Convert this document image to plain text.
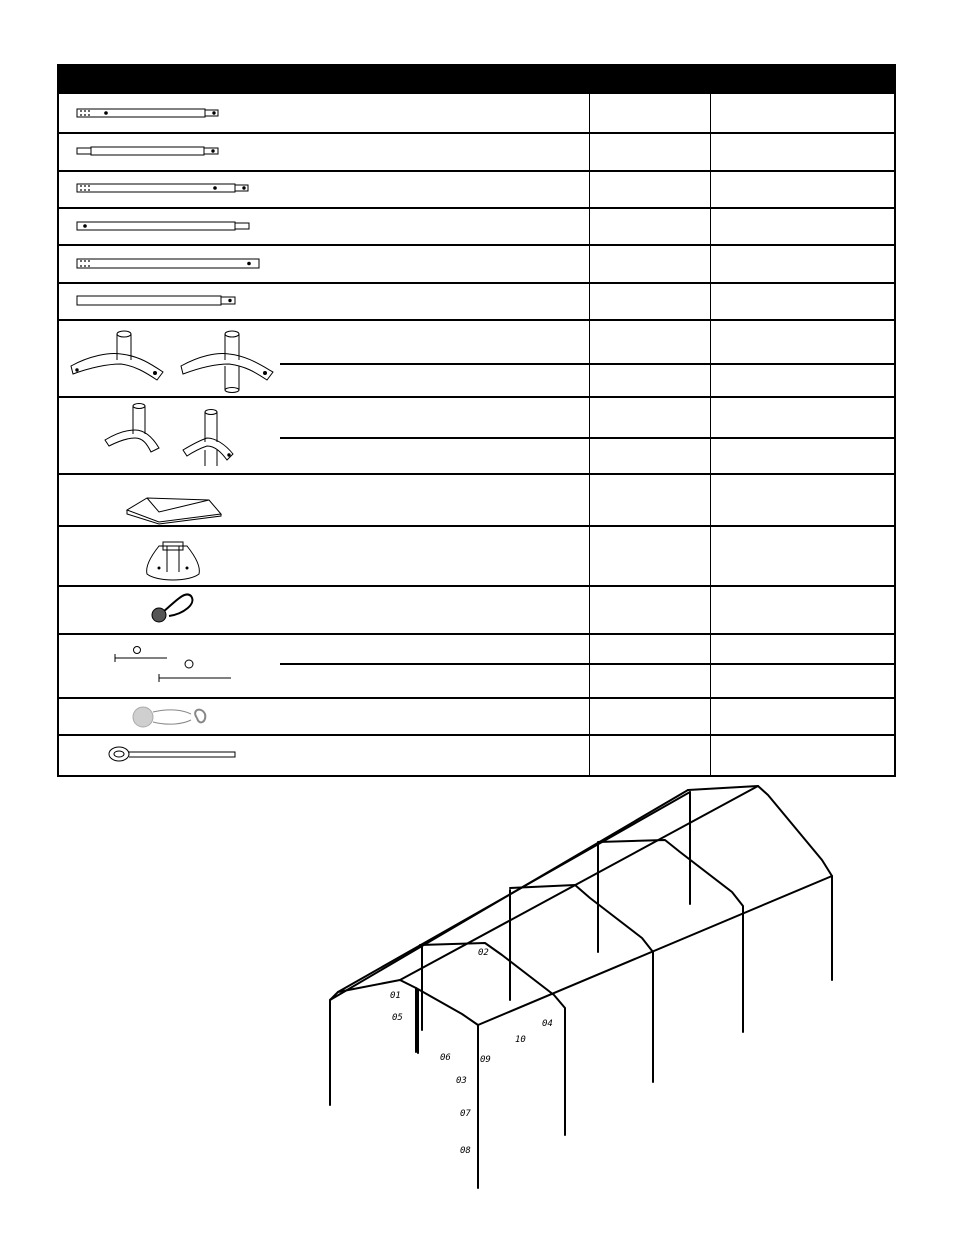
01
02
03
04
05
06
07
08
09
10
